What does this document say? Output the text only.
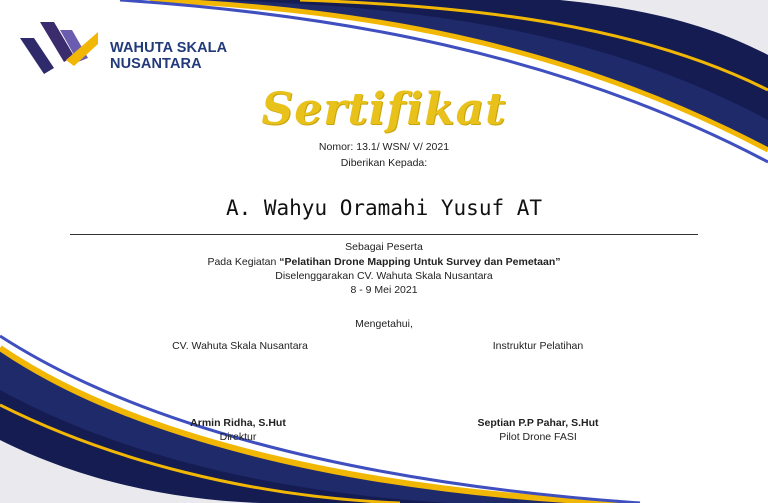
WAHUTA SKALA
NUSANTARA
Sertifikat
Nomor: 13.1/ WSN/ V/ 2021
Diberikan Kepada:
A. Wahyu Oramahi Yusuf AT
Sebagai Peserta
Pada Kegiatan “Pelatihan Drone Mapping Untuk Survey dan Pemetaan”
Diselenggarakan CV. Wahuta Skala Nusantara
8 - 9 Mei 2021
Mengetahui,
CV. Wahuta Skala Nusantara	Instruktur Pelatihan
Armin Ridha, S.Hut
Direktur
Septian P.P Pahar, S.Hut
Pilot Drone FASI
